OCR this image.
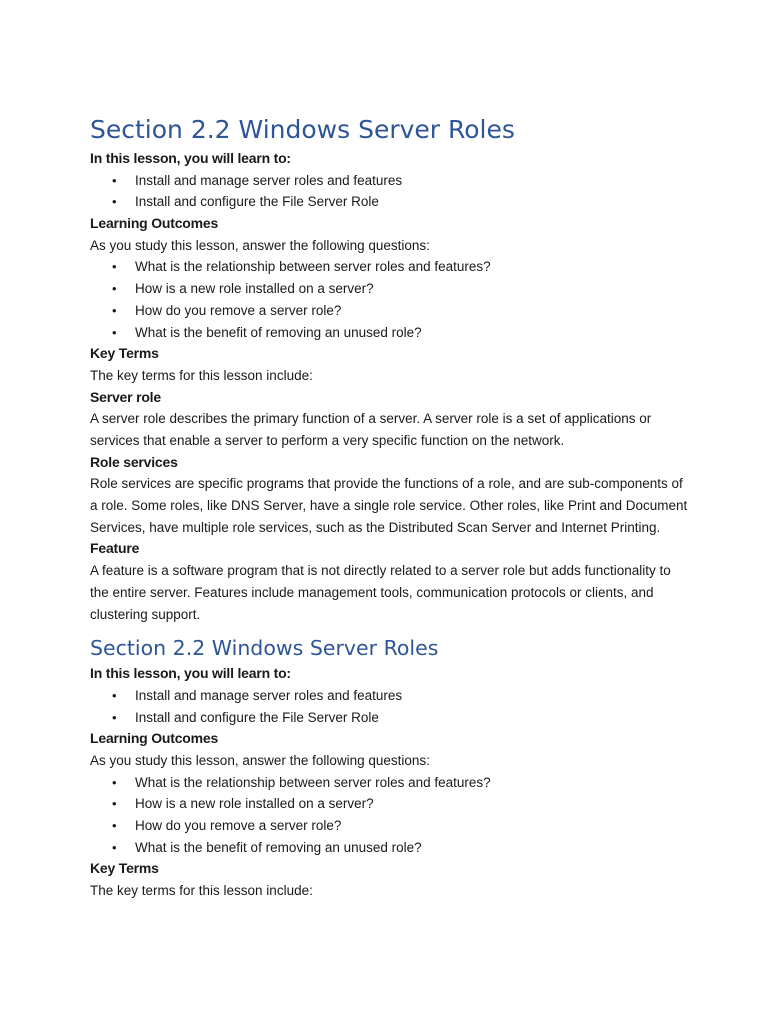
Section 2.2 Windows Server Roles
In this lesson, you will learn to:
• Install and manage server roles and features
• Install and configure the File Server Role
Learning Outcomes

As you study this lesson, answer the following questions:

• What is the relationship between server roles and features?
• How is a new role installed on a server?
• How do you remove a server role?
• What is the benefit of removing an unused role?
Key Terms

The key terms for this lesson include:

Server role

A server role describes the primary function of a server. A server role is a set of applications or services that enable a server to perform a very specific function on the network.

Role services

Role services are specific programs that provide the functions of a role, and are sub-components of a role. Some roles, like DNS Server, have a single role service. Other roles, like Print and Document Services, have multiple role services, such as the Distributed Scan Server and Internet Printing.

Feature

A feature is a software program that is not directly related to a server role but adds functionality to the entire server. Features include management tools, communication protocols or clients, and clustering support.

Section 2.2 Windows Server Roles
In this lesson, you will learn to:
• Install and manage server roles and features
• Install and configure the File Server Role
Learning Outcomes

As you study this lesson, answer the following questions:

• What is the relationship between server roles and features?
• How is a new role installed on a server?
• How do you remove a server role?
• What is the benefit of removing an unused role?
Key Terms

The key terms for this lesson include:
